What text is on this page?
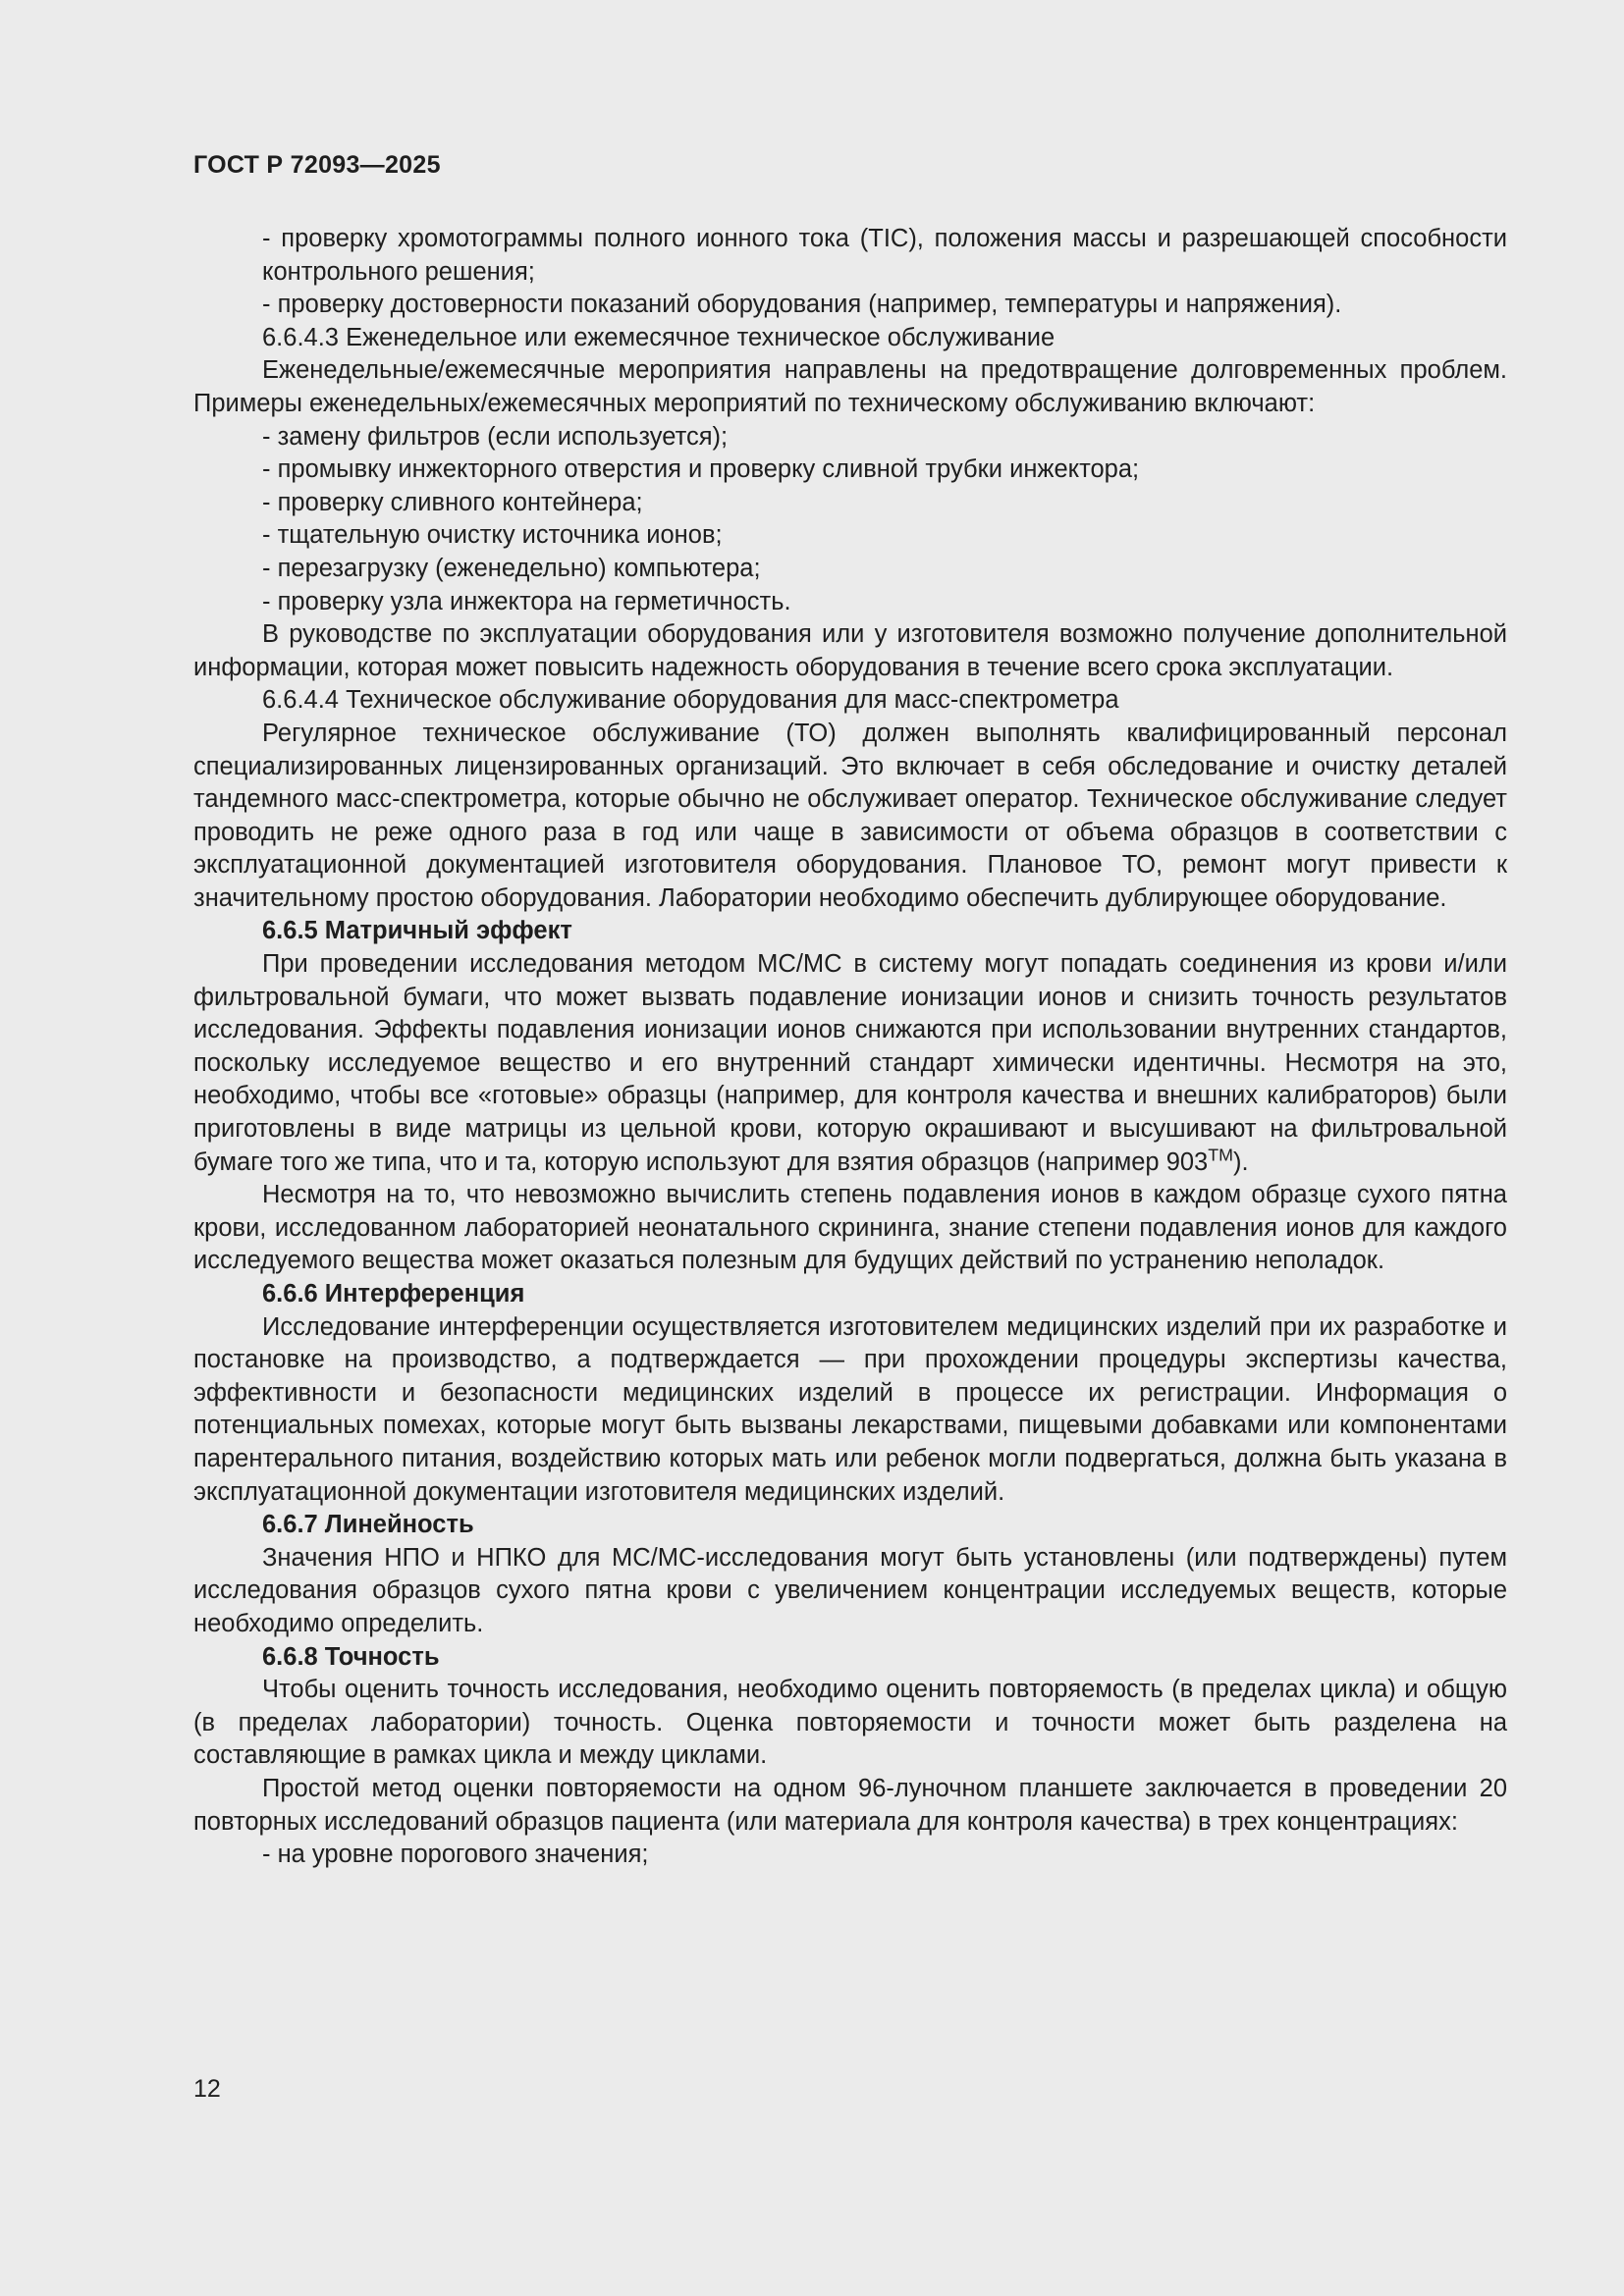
ГОСТ Р 72093—2025

- проверку хромотограммы полного ионного тока (TIC), положения массы и разрешающей способности контрольного решения;

- проверку достоверности показаний оборудования (например, температуры и напряжения).

6.6.4.3 Еженедельное или ежемесячное техническое обслуживание

Еженедельные/ежемесячные мероприятия направлены на предотвращение долговременных проблем. Примеры еженедельных/ежемесячных мероприятий по техническому обслуживанию включают:

- замену фильтров (если используется);

- промывку инжекторного отверстия и проверку сливной трубки инжектора;

- проверку сливного контейнера;

- тщательную очистку источника ионов;

- перезагрузку (еженедельно) компьютера;

- проверку узла инжектора на герметичность.

В руководстве по эксплуатации оборудования или у изготовителя возможно получение дополнительной информации, которая может повысить надежность оборудования в течение всего срока эксплуатации.

6.6.4.4 Техническое обслуживание оборудования для масс-спектрометра

Регулярное техническое обслуживание (ТО) должен выполнять квалифицированный персонал специализированных лицензированных организаций. Это включает в себя обследование и очистку деталей тандемного масс-спектрометра, которые обычно не обслуживает оператор. Техническое обслуживание следует проводить не реже одного раза в год или чаще в зависимости от объема образцов в соответствии с эксплуатационной документацией изготовителя оборудования. Плановое ТО, ремонт могут привести к значительному простою оборудования. Лаборатории необходимо обеспечить дублирующее оборудование.

6.6.5 Матричный эффект

При проведении исследования методом МС/МС в систему могут попадать соединения из крови и/или фильтровальной бумаги, что может вызвать подавление ионизации ионов и снизить точность результатов исследования. Эффекты подавления ионизации ионов снижаются при использовании внутренних стандартов, поскольку исследуемое вещество и его внутренний стандарт химически идентичны. Несмотря на это, необходимо, чтобы все «готовые» образцы (например, для контроля качества и внешних калибраторов) были приготовлены в виде матрицы из цельной крови, которую окрашивают и высушивают на фильтровальной бумаге того же типа, что и та, которую используют для взятия образцов (например 903™).

Несмотря на то, что невозможно вычислить степень подавления ионов в каждом образце сухого пятна крови, исследованном лабораторией неонатального скрининга, знание степени подавления ионов для каждого исследуемого вещества может оказаться полезным для будущих действий по устранению неполадок.

6.6.6 Интерференция

Исследование интерференции осуществляется изготовителем медицинских изделий при их разработке и постановке на производство, а подтверждается — при прохождении процедуры экспертизы качества, эффективности и безопасности медицинских изделий в процессе их регистрации. Информация о потенциальных помехах, которые могут быть вызваны лекарствами, пищевыми добавками или компонентами парентерального питания, воздействию которых мать или ребенок могли подвергаться, должна быть указана в эксплуатационной документации изготовителя медицинских изделий.

6.6.7 Линейность

Значения НПО и НПКО для МС/МС-исследования могут быть установлены (или подтверждены) путем исследования образцов сухого пятна крови с увеличением концентрации исследуемых веществ, которые необходимо определить.

6.6.8 Точность

Чтобы оценить точность исследования, необходимо оценить повторяемость (в пределах цикла) и общую (в пределах лаборатории) точность. Оценка повторяемости и точности может быть разделена на составляющие в рамках цикла и между циклами.

Простой метод оценки повторяемости на одном 96-луночном планшете заключается в проведении 20 повторных исследований образцов пациента (или материала для контроля качества) в трех концентрациях:

- на уровне порогового значения;

12
